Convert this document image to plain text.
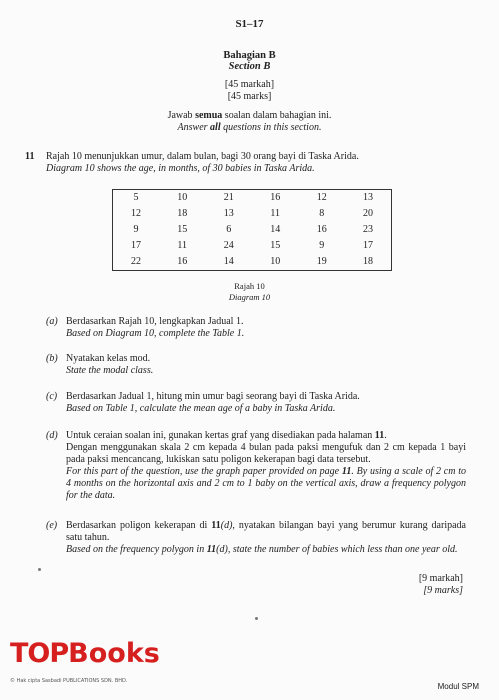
S1–17
Bahagian B
Section B
[45 markah]
[45 marks]
Jawab semua soalan dalam bahagian ini.
Answer all questions in this section.
11 Rajah 10 menunjukkan umur, dalam bulan, bagi 30 orang bayi di Taska Arida.
Diagram 10 shows the age, in months, of 30 babies in Taska Arida.
5	10	21	16	12	13
12	18	13	11	8	20
9	15	6	14	16	23
17	11	24	15	9	17
22	16	14	10	19	18
Rajah 10
Diagram 10
(a) Berdasarkan Rajah 10, lengkapkan Jadual 1.
Based on Diagram 10, complete the Table 1.
(b) Nyatakan kelas mod.
State the modal class.
(c) Berdasarkan Jadual 1, hitung min umur bagi seorang bayi di Taska Arida.
Based on Table 1, calculate the mean age of a baby in Taska Arida.
(d) Untuk ceraian soalan ini, gunakan kertas graf yang disediakan pada halaman 11.
Dengan menggunakan skala 2 cm kepada 4 bulan pada paksi mengufuk dan 2 cm kepada 1 bayi pada paksi mencancang, lukiskan satu poligon kekerapan bagi data tersebut.
For this part of the question, use the graph paper provided on page 11. By using a scale of 2 cm to 4 months on the horizontal axis and 2 cm to 1 baby on the vertical axis, draw a frequency polygon for the data.
(e) Berdasarkan poligon kekerapan di 11(d), nyatakan bilangan bayi yang berumur kurang daripada satu tahun.
Based on the frequency polygon in 11(d), state the number of babies which less than one year old.
[9 markah]
[9 marks]
TOPBooks
© Hak cipta Sasbadi PUBLICATIONS SDN. BHD.
Modul SPM
